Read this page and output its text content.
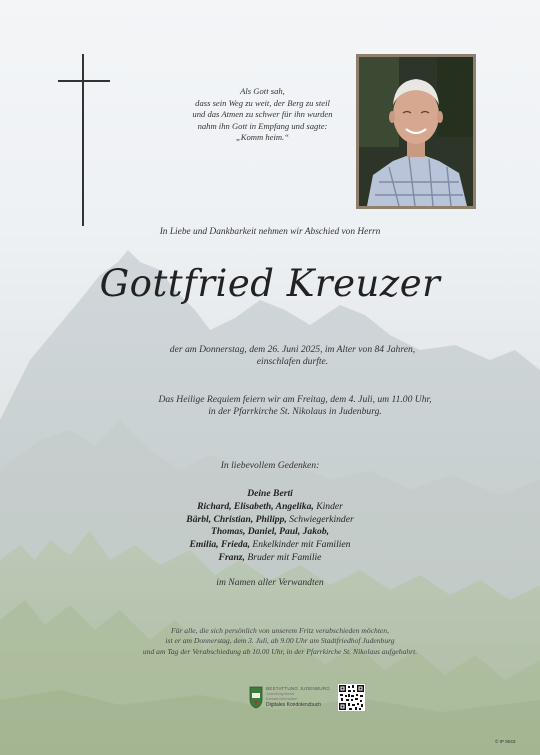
Als Gott sah,
dass sein Weg zu weit, der Berg zu steil
und das Atmen zu schwer für ihn wurden
nahm ihn Gott in Empfang und sagte:
„Komm heim.“
In Liebe und Dankbarkeit nehmen wir Abschied von Herrn
Gottfried Kreuzer
der am Donnerstag, dem 26. Juni 2025, im Alter von 84 Jahren,
einschlafen durfte.
Das Heilige Requiem feiern wir am Freitag, dem 4. Juli, um 11.00 Uhr,
in der Pfarrkirche St. Nikolaus in Judenburg.
In liebevollem Gedenken:
Deine Berti
Richard, Elisabeth, Angelika, Kinder
Bärbl, Christian, Philipp, Schwiegerkinder
Thomas, Daniel, Paul, Jakob,
Emilia, Frieda, Enkelkinder mit Familien
Franz, Bruder mit Familie
im Namen aller Verwandten
Für alle, die sich persönlich von unserem Fritz verabschieden möchten,
ist er am Donnerstag, dem 3. Juli, ab 9.00 Uhr am Stadtfriedhof Judenburg
und am Tag der Verabschiedung ab 10.00 Uhr, in der Pfarrkirche St. Nikolaus aufgebahrt.
BESTATTUNG JUDENBURG
Judenburg-Murtal
Kontakt-Information
Digitales Kondolenzbuch
© IP 9043
